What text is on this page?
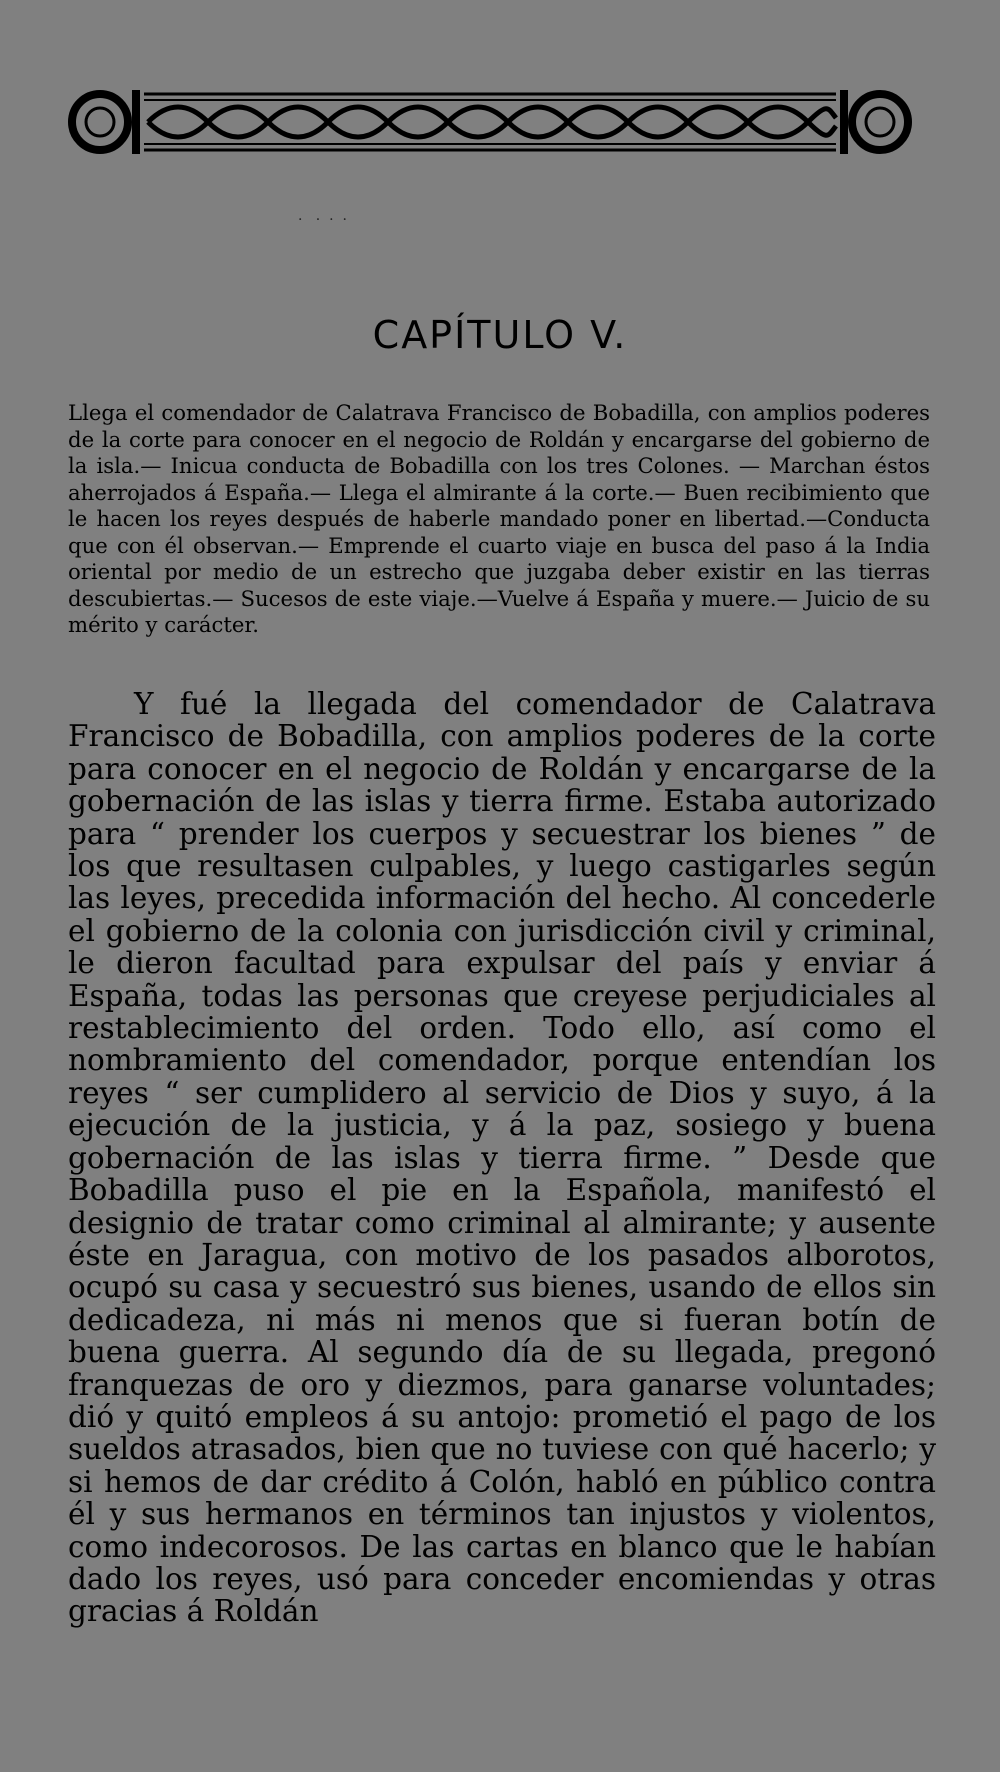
·   ·  ·  ·
CAPÍTULO V.

Llega el comendador de Calatrava Francisco de Bobadilla, con amplios poderes de la corte para conocer en el negocio de Roldán y encargarse del gobierno de la isla.— Inicua conducta de Bobadilla con los tres Colones. — Marchan éstos aherrojados á España.— Llega el almirante á la corte.— Buen recibimiento que le hacen los reyes después de haberle mandado poner en libertad.—Conducta que con él observan.— Emprende el cuarto viaje en busca del paso á la India oriental por medio de un estrecho que juzgaba deber existir en las tierras descubiertas.— Sucesos de este viaje.—Vuelve á España y muere.— Juicio de su mérito y carácter.

Y fué la llegada del comendador de Calatrava Francisco de Bobadilla, con amplios poderes de la corte para conocer en el negocio de Roldán y encargarse de la gobernación de las islas y tierra firme. Estaba autorizado para “ prender los cuerpos y secuestrar los bienes ” de los que resultasen culpables, y luego castigarles según las leyes, precedida información del hecho. Al concederle el gobierno de la colonia con jurisdicción civil y criminal, le dieron facultad para expulsar del país y enviar á España, todas las personas que creyese perjudiciales al restablecimiento del orden. Todo ello, así como el nombramiento del comendador, porque entendían los reyes “ ser cumplidero al servicio de Dios y suyo, á la ejecución de la justicia, y á la paz, sosiego y buena gobernación de las islas y tierra firme. ” Desde que Bobadilla puso el pie en la Española, manifestó el designio de tratar como criminal al almirante; y ausente éste en Jaragua, con motivo de los pasados alborotos, ocupó su casa y secuestró sus bienes, usando de ellos sin dedicadeza, ni más ni menos que si fueran botín de buena guerra. Al segundo día de su llegada, pregonó franquezas de oro y diezmos, para ganarse voluntades; dió y quitó empleos á su antojo: prometió el pago de los sueldos atrasados, bien que no tuviese con qué hacerlo; y si hemos de dar crédito á Colón, habló en público contra él y sus hermanos en términos tan injustos y violentos, como indecorosos. De las cartas en blanco que le habían dado los reyes, usó para conceder encomiendas y otras gracias á Roldán
